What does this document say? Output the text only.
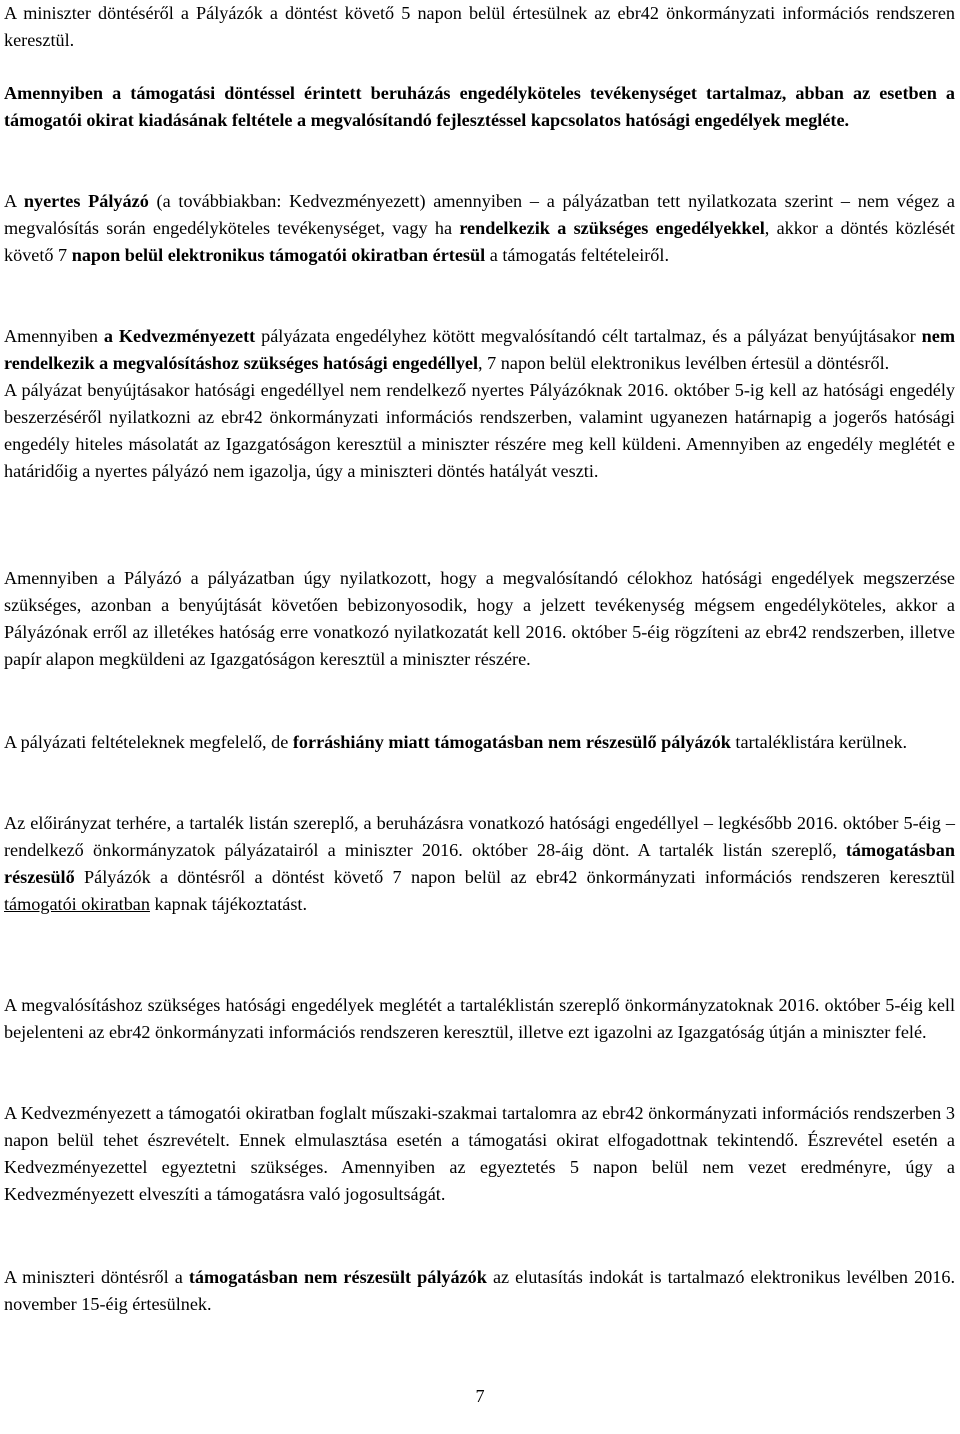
A miniszter döntéséről a Pályázók a döntést követő 5 napon belül értesülnek az ebr42 önkormányzati információs rendszeren keresztül.

Amennyiben a támogatási döntéssel érintett beruházás engedélyköteles tevékenységet tartalmaz, abban az esetben a támogatói okirat kiadásának feltétele a megvalósítandó fejlesztéssel kapcsolatos hatósági engedélyek megléte.

A nyertes Pályázó (a továbbiakban: Kedvezményezett) amennyiben – a pályázatban tett nyilatkozata szerint – nem végez a megvalósítás során engedélyköteles tevékenységet, vagy ha rendelkezik a szükséges engedélyekkel, akkor a döntés közlését követő 7 napon belül elektronikus támogatói okiratban értesül a támogatás feltételeiről.

Amennyiben a Kedvezményezett pályázata engedélyhez kötött megvalósítandó célt tartalmaz, és a pályázat benyújtásakor nem rendelkezik a megvalósításhoz szükséges hatósági engedéllyel, 7 napon belül elektronikus levélben értesül a döntésről.
A pályázat benyújtásakor hatósági engedéllyel nem rendelkező nyertes Pályázóknak 2016. október 5-ig kell az hatósági engedély beszerzéséről nyilatkozni az ebr42 önkormányzati információs rendszerben, valamint ugyanezen határnapig a jogerős hatósági engedély hiteles másolatát az Igazgatóságon keresztül a miniszter részére meg kell küldeni. Amennyiben az engedély meglétét e határidőig a nyertes pályázó nem igazolja, úgy a miniszteri döntés hatályát veszti.

Amennyiben a Pályázó a pályázatban úgy nyilatkozott, hogy a megvalósítandó célokhoz hatósági engedélyek megszerzése szükséges, azonban a benyújtását követően bebizonyosodik, hogy a jelzett tevékenység mégsem engedélyköteles, akkor a Pályázónak erről az illetékes hatóság erre vonatkozó nyilatkozatát kell 2016. október 5-éig rögzíteni az ebr42 rendszerben, illetve papír alapon megküldeni az Igazgatóságon keresztül a miniszter részére.

A pályázati feltételeknek megfelelő, de forráshiány miatt támogatásban nem részesülő pályázók tartaléklistára kerülnek.

Az előirányzat terhére, a tartalék listán szereplő, a beruházásra vonatkozó hatósági engedéllyel – legkésőbb 2016. október 5-éig – rendelkező önkormányzatok pályázatairól a miniszter 2016. október 28-áig dönt. A tartalék listán szereplő, támogatásban részesülő Pályázók a döntésről a döntést követő 7 napon belül az ebr42 önkormányzati információs rendszeren keresztül támogatói okiratban kapnak tájékoztatást.

A megvalósításhoz szükséges hatósági engedélyek meglétét a tartaléklistán szereplő önkormányzatoknak 2016. október 5-éig kell bejelenteni az ebr42 önkormányzati információs rendszeren keresztül, illetve ezt igazolni az Igazgatóság útján a miniszter felé.

A Kedvezményezett a támogatói okiratban foglalt műszaki-szakmai tartalomra az ebr42 önkormányzati információs rendszerben 3 napon belül tehet észrevételt. Ennek elmulasztása esetén a támogatási okirat elfogadottnak tekintendő. Észrevétel esetén a Kedvezményezettel egyeztetni szükséges. Amennyiben az egyeztetés 5 napon belül nem vezet eredményre, úgy a Kedvezményezett elveszíti a támogatásra való jogosultságát.

A miniszteri döntésről a támogatásban nem részesült pályázók az elutasítás indokát is tartalmazó elektronikus levélben 2016. november 15-éig értesülnek.

7
